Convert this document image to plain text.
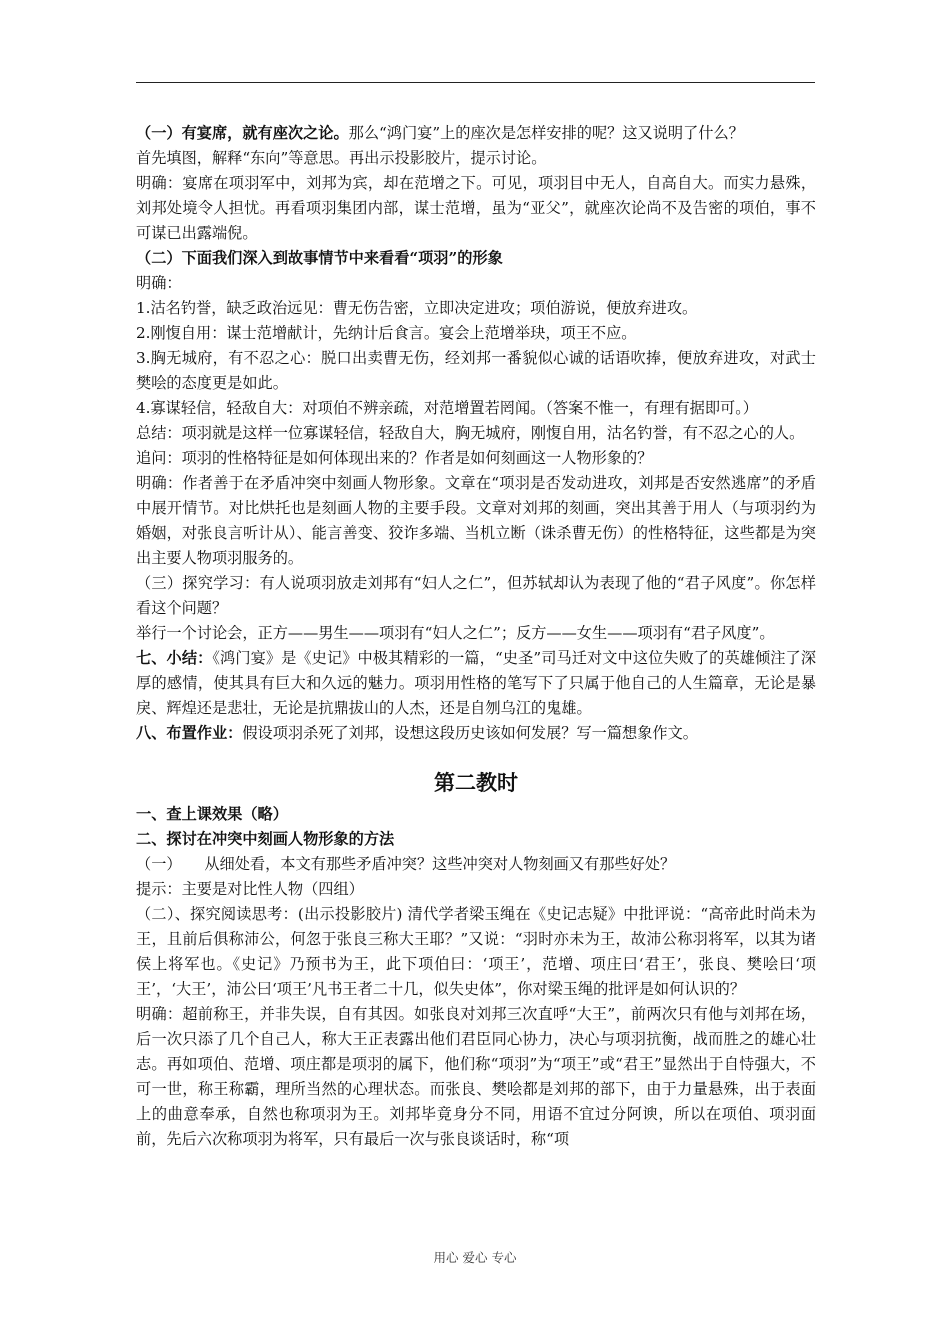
（一）有宴席，就有座次之论。那么“鸿门宴”上的座次是怎样安排的呢？这又说明了什么？

首先填图，解释“东向”等意思。再出示投影胶片，提示讨论。

明确：宴席在项羽军中，刘邦为宾，却在范增之下。可见，项羽目中无人，自高自大。而实力悬殊，刘邦处境令人担忧。再看项羽集团内部，谋士范增，虽为“亚父”，就座次论尚不及告密的项伯，事不可谋已出露端倪。

（二）下面我们深入到故事情节中来看看“项羽”的形象

明确：

1.沽名钓誉，缺乏政治远见：曹无伤告密，立即决定进攻；项伯游说，便放弃进攻。

2.刚愎自用：谋士范增献计，先纳计后食言。宴会上范增举玦，项王不应。

3.胸无城府，有不忍之心：脱口出卖曹无伤，经刘邦一番貌似心诚的话语吹捧，便放弃进攻，对武士樊哙的态度更是如此。

4.寡谋轻信，轻敌自大：对项伯不辨亲疏，对范增置若罔闻。（答案不惟一，有理有据即可。）

总结：项羽就是这样一位寡谋轻信，轻敌自大，胸无城府，刚愎自用，沽名钓誉，有不忍之心的人。

追问：项羽的性格特征是如何体现出来的？作者是如何刻画这一人物形象的？

明确：作者善于在矛盾冲突中刻画人物形象。文章在“项羽是否发动进攻，刘邦是否安然逃席”的矛盾中展开情节。对比烘托也是刻画人物的主要手段。文章对刘邦的刻画，突出其善于用人（与项羽约为婚姻，对张良言听计从）、能言善变、狡诈多端、当机立断（诛杀曹无伤）的性格特征，这些都是为突出主要人物项羽服务的。

（三）探究学习：有人说项羽放走刘邦有“妇人之仁”，但苏轼却认为表现了他的“君子风度”。你怎样看这个问题？

举行一个讨论会，正方——男生——项羽有“妇人之仁”；反方——女生——项羽有“君子风度”。

七、小结：《鸿门宴》是《史记》中极其精彩的一篇，“史圣”司马迁对文中这位失败了的英雄倾注了深厚的感情，使其具有巨大和久远的魅力。项羽用性格的笔写下了只属于他自己的人生篇章，无论是暴戾、辉煌还是悲壮，无论是抗鼎拔山的人杰，还是自刎乌江的鬼雄。

八、布置作业：假设项羽杀死了刘邦，设想这段历史该如何发展？写一篇想象作文。

第二教时

一、查上课效果（略）

二、探讨在冲突中刻画人物形象的方法

（一）　　从细处看，本文有那些矛盾冲突？这些冲突对人物刻画又有那些好处？

提示：主要是对比性人物（四组）

（二）、探究阅读思考：(出示投影胶片) 清代学者梁玉绳在《史记志疑》中批评说：“高帝此时尚未为王，且前后俱称沛公，何忽于张良三称大王耶？”又说：“羽时亦未为王，故沛公称羽将军，以其为诸侯上将军也。《史记》乃预书为王，此下项伯曰：‘项王’，范增、项庄曰‘君王’，张良、樊哙曰‘项王’，‘大王’，沛公曰‘项王’凡书王者二十几，似失史体”，你对梁玉绳的批评是如何认识的？

明确：超前称王，并非失误，自有其因。如张良对刘邦三次直呼“大王”，前两次只有他与刘邦在场，后一次只添了几个自己人，称大王正表露出他们君臣同心协力，决心与项羽抗衡，战而胜之的雄心壮志。再如项伯、范增、项庄都是项羽的属下，他们称“项羽”为“项王”或“君王”显然出于自恃强大，不可一世，称王称霸，理所当然的心理状态。而张良、樊哙都是刘邦的部下，由于力量悬殊，出于表面上的曲意奉承，自然也称项羽为王。刘邦毕竟身分不同，用语不宜过分阿谀，所以在项伯、项羽面前，先后六次称项羽为将军，只有最后一次与张良谈话时，称“项

用心 爱心 专心
